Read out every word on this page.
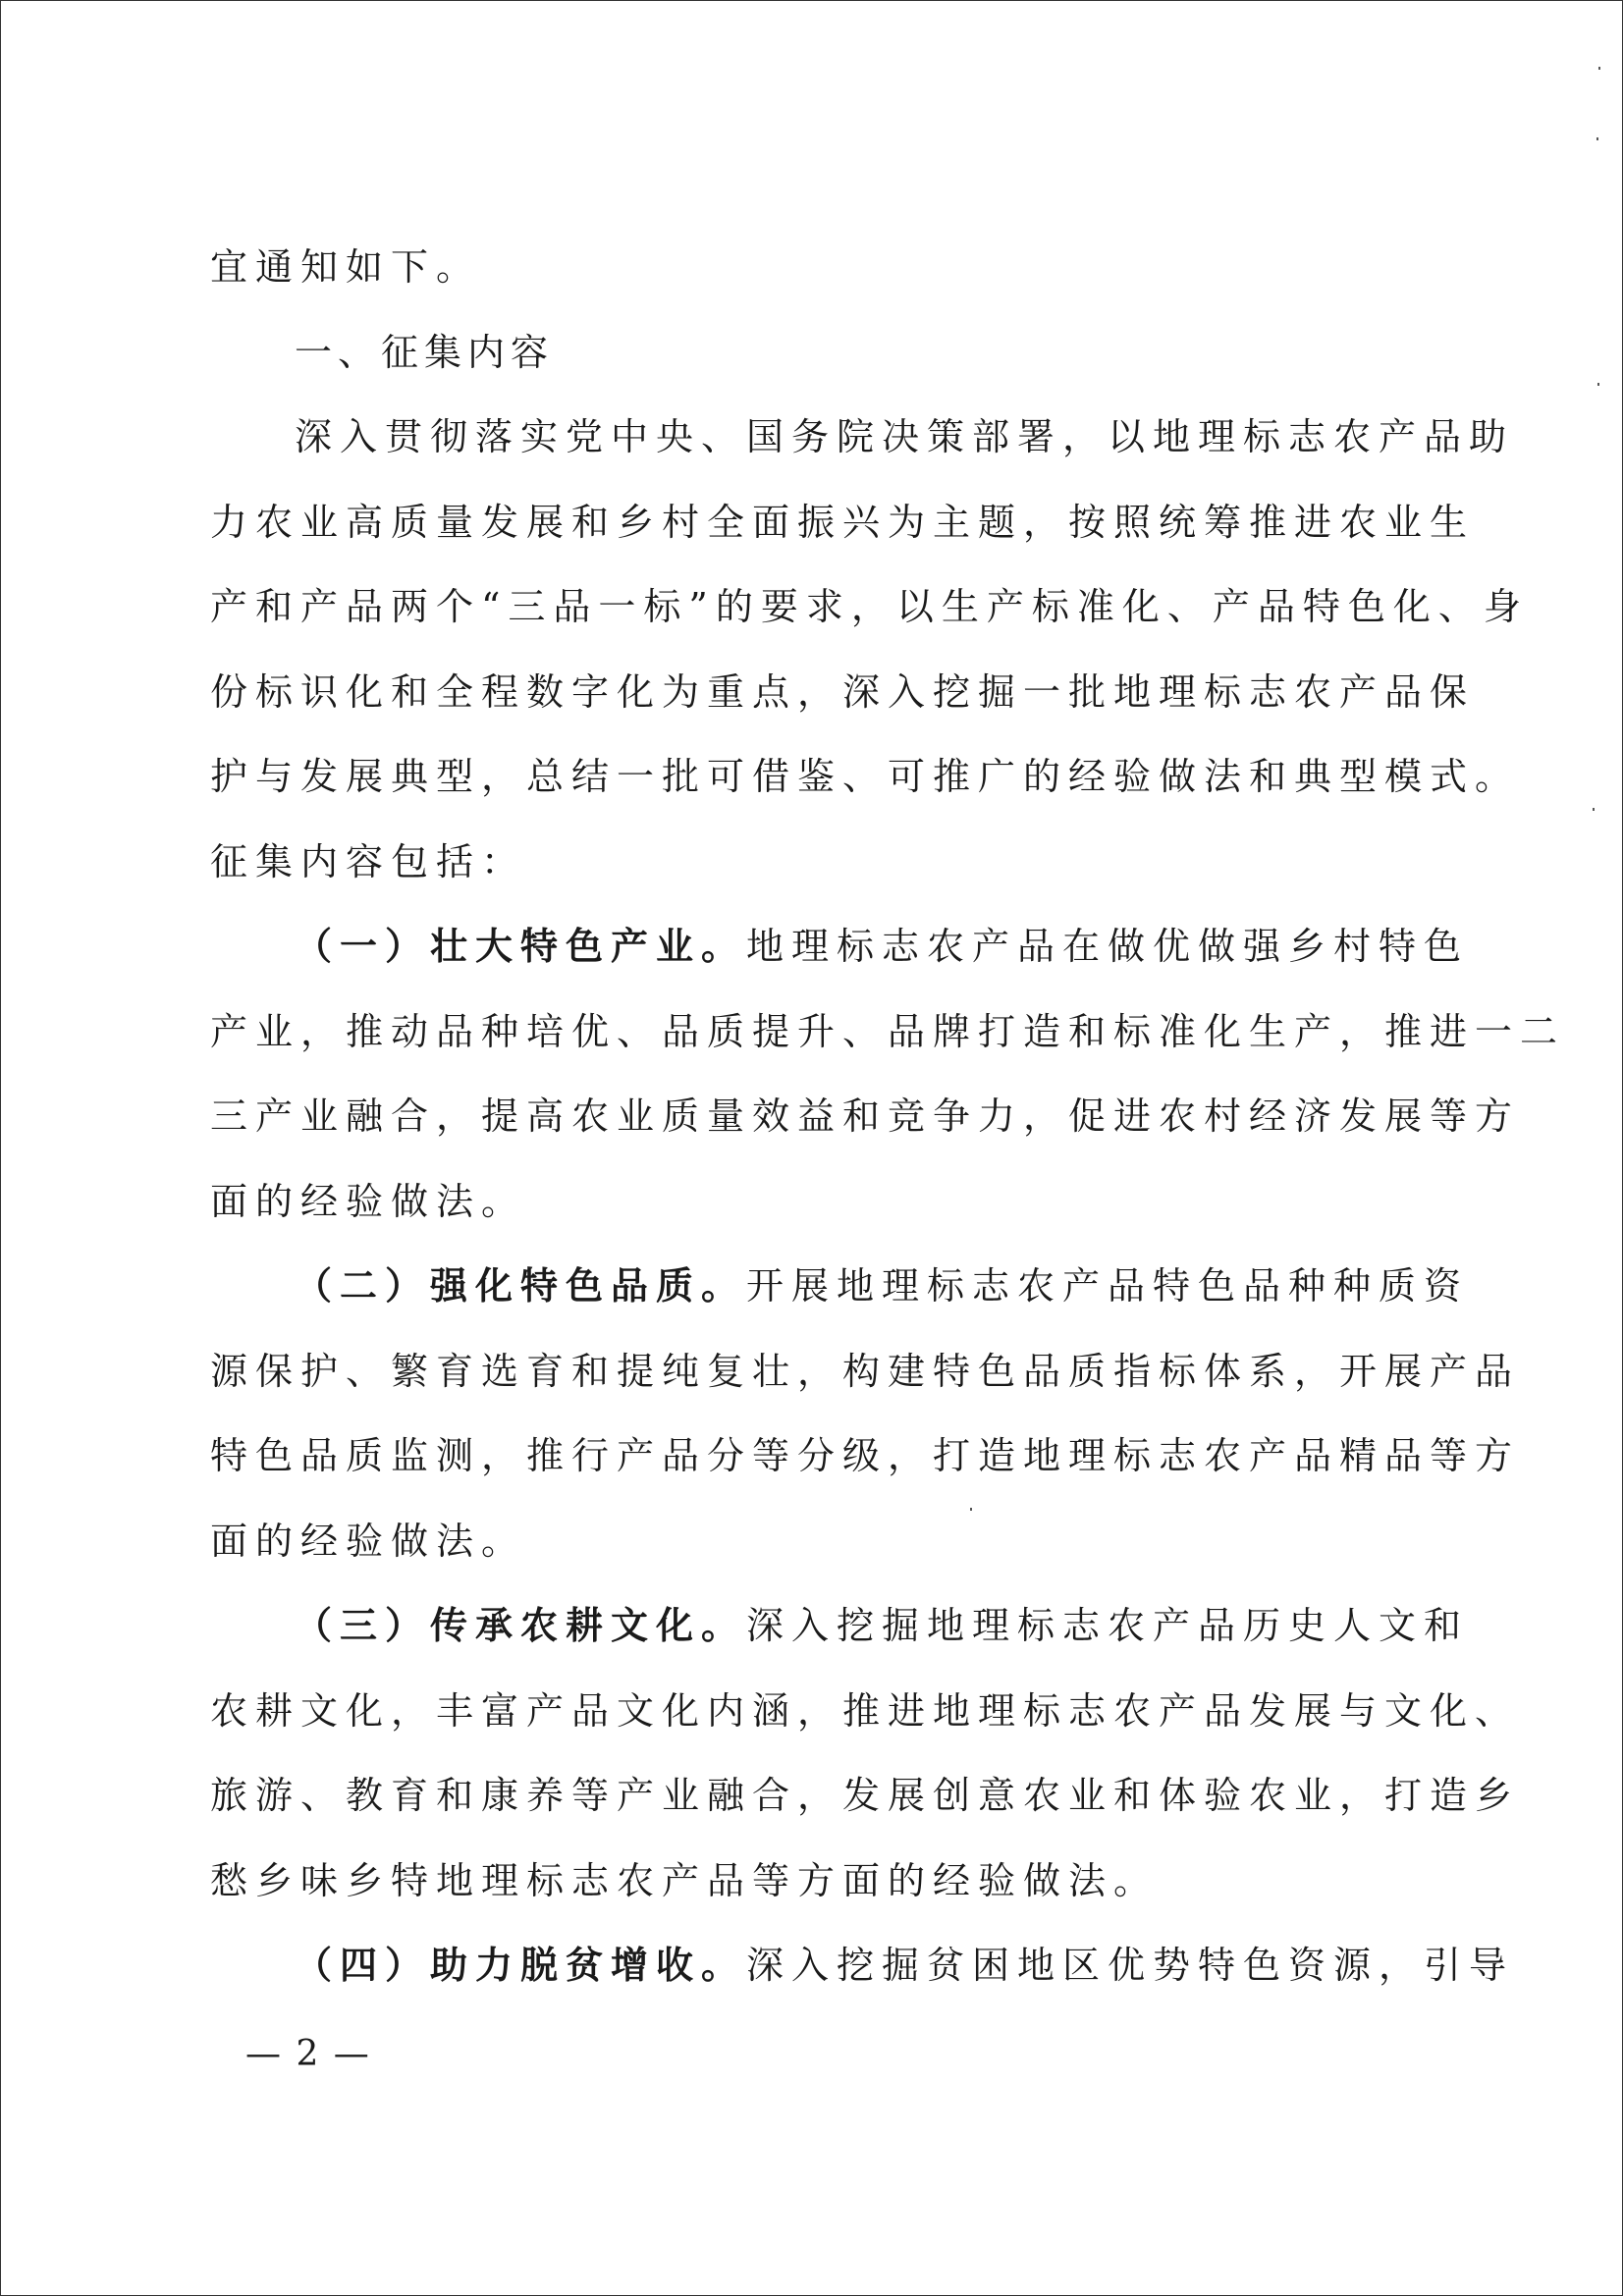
宜通知如下。
一、征集内容
深入贯彻落实党中央、国务院决策部署，以地理标志农产品助
力农业高质量发展和乡村全面振兴为主题，按照统筹推进农业生
产和产品两个“三品一标”的要求，以生产标准化、产品特色化、身
份标识化和全程数字化为重点，深入挖掘一批地理标志农产品保
护与发展典型，总结一批可借鉴、可推广的经验做法和典型模式。
征集内容包括：
（一）壮大特色产业。地理标志农产品在做优做强乡村特色
产业，推动品种培优、品质提升、品牌打造和标准化生产，推进一二
三产业融合，提高农业质量效益和竞争力，促进农村经济发展等方
面的经验做法。
（二）强化特色品质。开展地理标志农产品特色品种种质资
源保护、繁育选育和提纯复壮，构建特色品质指标体系，开展产品
特色品质监测，推行产品分等分级，打造地理标志农产品精品等方
面的经验做法。
（三）传承农耕文化。深入挖掘地理标志农产品历史人文和
农耕文化，丰富产品文化内涵，推进地理标志农产品发展与文化、
旅游、教育和康养等产业融合，发展创意农业和体验农业，打造乡
愁乡味乡特地理标志农产品等方面的经验做法。
（四）助力脱贫增收。深入挖掘贫困地区优势特色资源，引导
— 2 —
